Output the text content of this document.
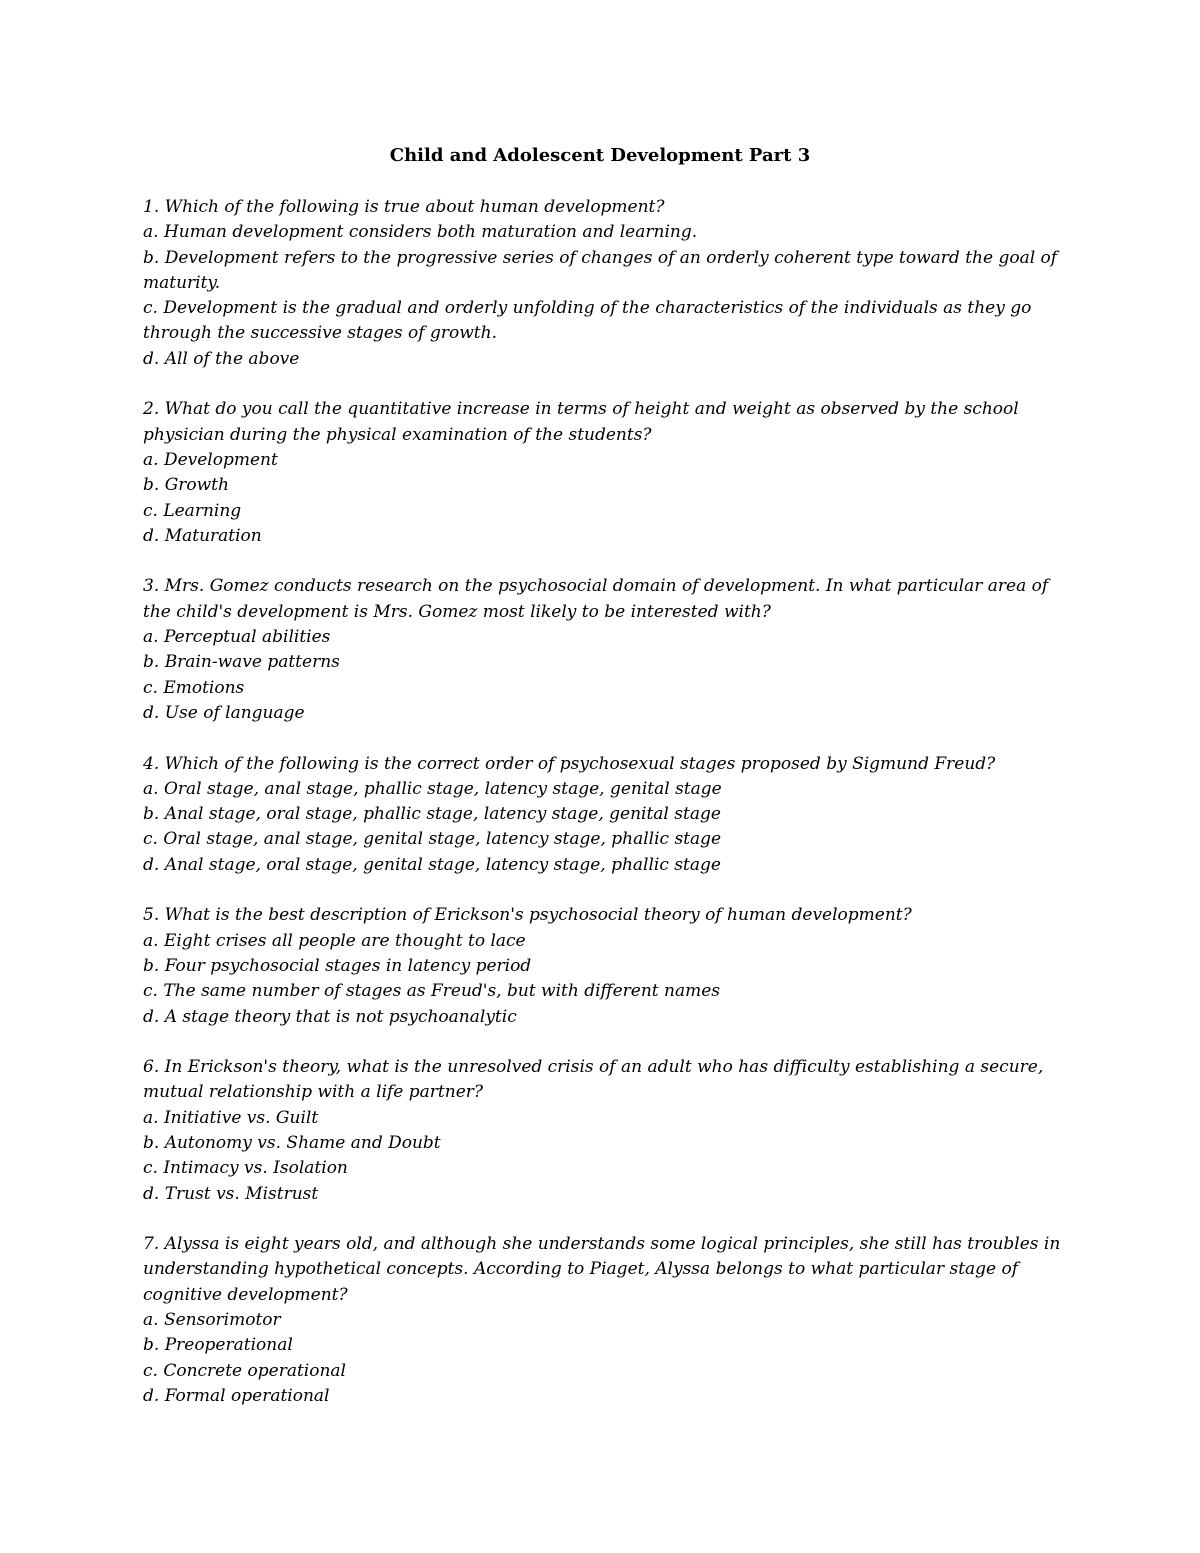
Child and Adolescent Development Part 3
1. Which of the following is true about human development?
a. Human development considers both maturation and learning.
b. Development refers to the progressive series of changes of an orderly coherent type toward the goal of maturity.
c. Development is the gradual and orderly unfolding of the characteristics of the individuals as they go through the successive stages of growth.
d. All of the above
2. What do you call the quantitative increase in terms of height and weight as observed by the school physician during the physical examination of the students?
a. Development
b. Growth
c. Learning
d. Maturation
3. Mrs. Gomez conducts research on the psychosocial domain of development. In what particular area of the child's development is Mrs. Gomez most likely to be interested with?
a. Perceptual abilities
b. Brain-wave patterns
c. Emotions
d. Use of language
4. Which of the following is the correct order of psychosexual stages proposed by Sigmund Freud?
a. Oral stage, anal stage, phallic stage, latency stage, genital stage
b. Anal stage, oral stage, phallic stage, latency stage, genital stage
c. Oral stage, anal stage, genital stage, latency stage, phallic stage
d. Anal stage, oral stage, genital stage, latency stage, phallic stage
5. What is the best description of Erickson's psychosocial theory of human development?
a. Eight crises all people are thought to lace
b. Four psychosocial stages in latency period
c. The same number of stages as Freud's, but with different names
d. A stage theory that is not psychoanalytic
6. In Erickson's theory, what is the unresolved crisis of an adult who has difficulty establishing a secure, mutual relationship with a life partner?
a. Initiative vs. Guilt
b. Autonomy vs. Shame and Doubt
c. Intimacy vs. Isolation
d. Trust vs. Mistrust
7. Alyssa is eight years old, and although she understands some logical principles, she still has troubles in understanding hypothetical concepts. According to Piaget, Alyssa belongs to what particular stage of cognitive development?
a. Sensorimotor
b. Preoperational
c. Concrete operational
d. Formal operational
